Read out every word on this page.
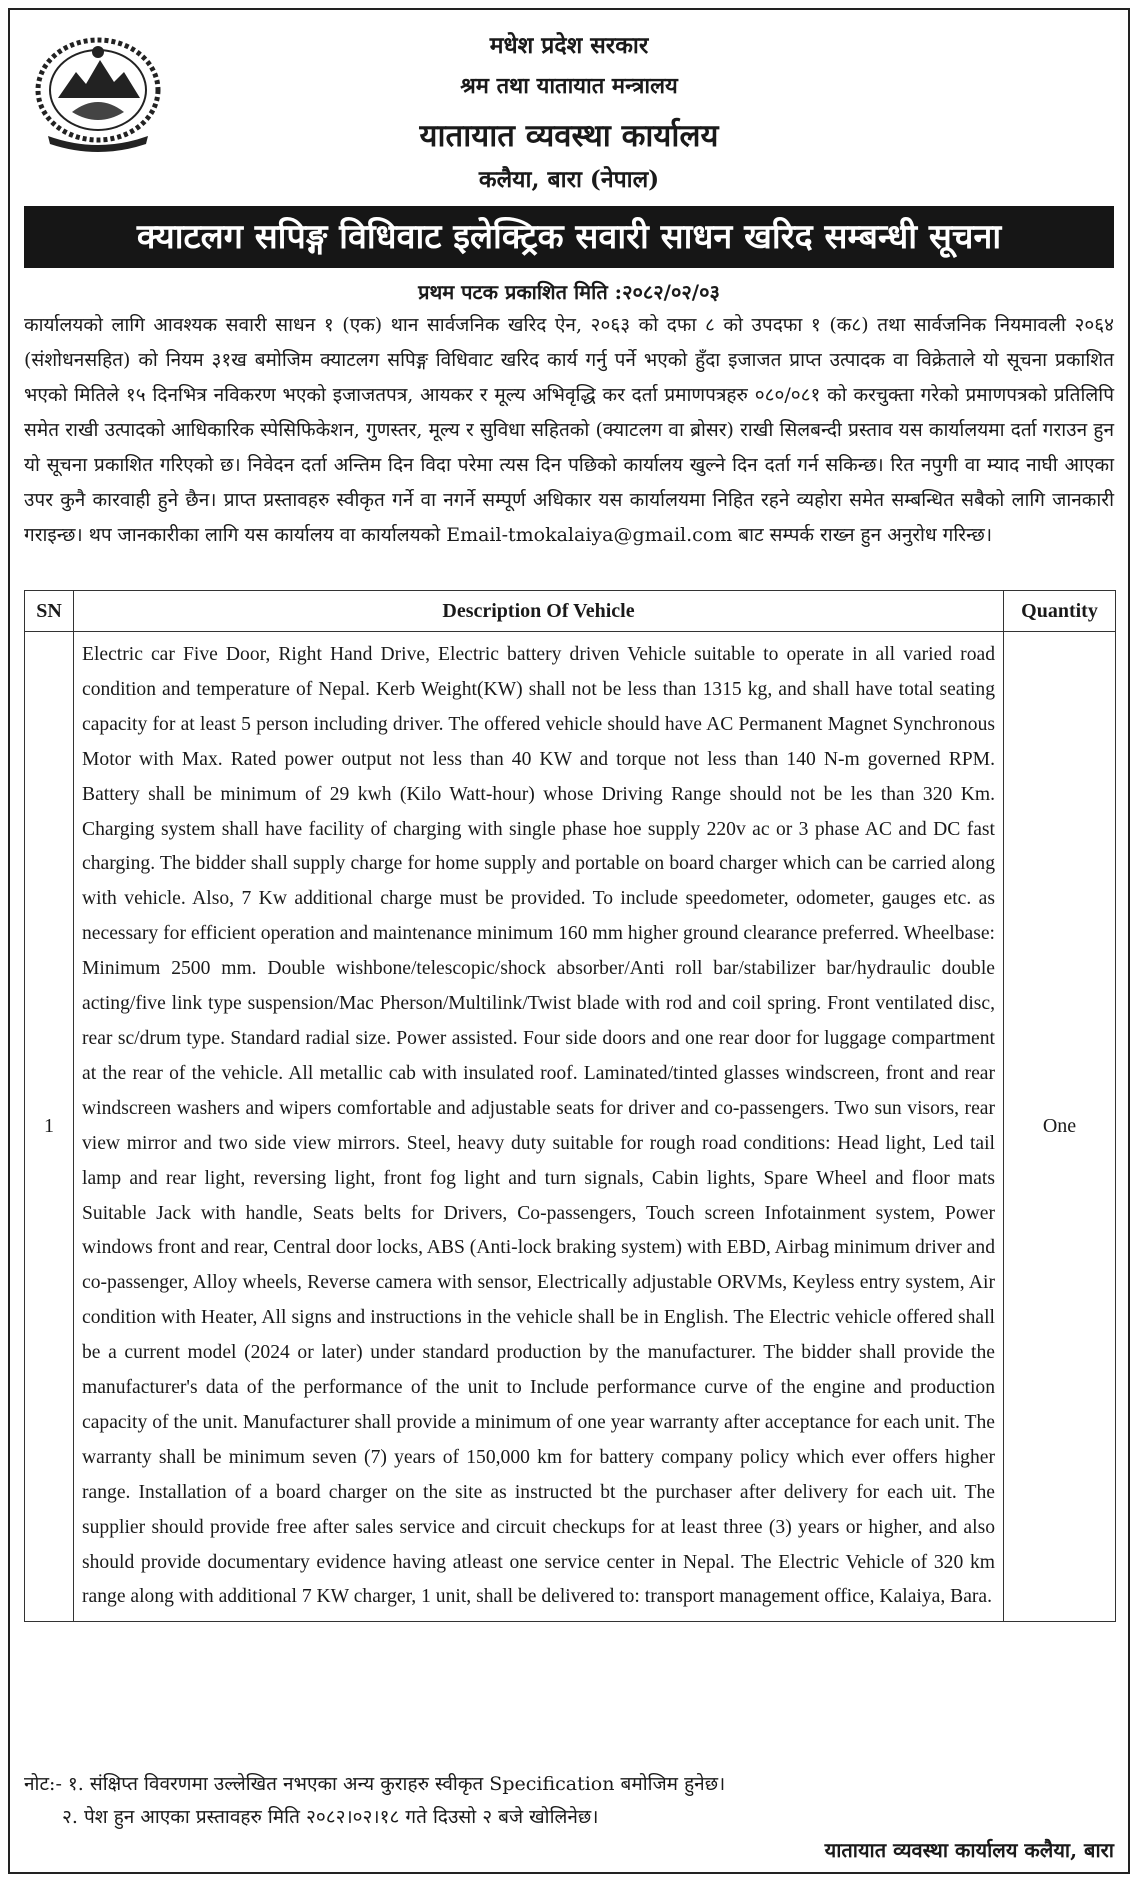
मधेश प्रदेश सरकार
श्रम तथा यातायात मन्त्रालय
यातायात व्यवस्था कार्यालय
कलैया, बारा (नेपाल)
क्याटलग सपिङ्ग विधिवाट इलेक्ट्रिक सवारी साधन खरिद सम्बन्धी सूचना
प्रथम पटक प्रकाशित मिति :२०८२/०२/०३
कार्यालयको लागि आवश्यक सवारी साधन १ (एक) थान सार्वजनिक खरिद ऐन, २०६३ को दफा ८ को उपदफा १ (क८) तथा सार्वजनिक नियमावली २०६४ (संशोधनसहित) को नियम ३१ख बमोजिम क्याटलग सपिङ्ग विधिवाट खरिद कार्य गर्नु पर्ने भएको हुँदा इजाजत प्राप्त उत्पादक वा विक्रेताले यो सूचना प्रकाशित भएको मितिले १५ दिनभित्र नविकरण भएको इजाजतपत्र, आयकर र मूल्य अभिवृद्धि कर दर्ता प्रमाणपत्रहरु ०८०/०८१ को करचुक्ता गरेको प्रमाणपत्रको प्रतिलिपि समेत राखी उत्पादको आधिकारिक स्पेसिफिकेशन, गुणस्तर, मूल्य र सुविधा सहितको (क्याटलग वा ब्रोसर) राखी सिलबन्दी प्रस्ताव यस कार्यालयमा दर्ता गराउन हुन यो सूचना प्रकाशित गरिएको छ। निवेदन दर्ता अन्तिम दिन विदा परेमा त्यस दिन पछिको कार्यालय खुल्ने दिन दर्ता गर्न सकिन्छ। रित नपुगी वा म्याद नाघी आएका उपर कुनै कारवाही हुने छैन। प्राप्त प्रस्तावहरु स्वीकृत गर्ने वा नगर्ने सम्पूर्ण अधिकार यस कार्यालयमा निहित रहने व्यहोरा समेत सम्बन्धित सबैको लागि जानकारी गराइन्छ। थप जानकारीका लागि यस कार्यालय वा कार्यालयको Email-tmokalaiya@gmail.com बाट सम्पर्क राख्न हुन अनुरोध गरिन्छ।
SN	Description Of Vehicle	Quantity
1	Electric car Five Door, Right Hand Drive, Electric battery driven Vehicle suitable to operate in all varied road condition and temperature of Nepal. Kerb Weight(KW) shall not be less than 1315 kg, and shall have total seating capacity for at least 5 person including driver. The offered vehicle should have AC Permanent Magnet Synchronous Motor with Max. Rated power output not less than 40 KW and torque not less than 140 N-m governed RPM. Battery shall be minimum of 29 kwh (Kilo Watt-hour) whose Driving Range should not be les than 320 Km. Charging system shall have facility of charging with single phase hoe supply 220v ac or 3 phase AC and DC fast charging. The bidder shall supply charge for home supply and portable on board charger which can be carried along with vehicle. Also, 7 Kw additional charge must be provided. To include speedometer, odometer, gauges etc. as necessary for efficient operation and maintenance minimum 160 mm higher ground clearance preferred. Wheelbase: Minimum 2500 mm. Double wishbone/telescopic/shock absorber/Anti roll bar/stabilizer bar/hydraulic double acting/five link type suspension/Mac Pherson/Multilink/Twist blade with rod and coil spring. Front ventilated disc, rear sc/drum type. Standard radial size. Power assisted. Four side doors and one rear door for luggage compartment at the rear of the vehicle. All metallic cab with insulated roof. Laminated/tinted glasses windscreen, front and rear windscreen washers and wipers comfortable and adjustable seats for driver and co-passengers. Two sun visors, rear view mirror and two side view mirrors. Steel, heavy duty suitable for rough road conditions: Head light, Led tail lamp and rear light, reversing light, front fog light and turn signals, Cabin lights, Spare Wheel and floor mats Suitable Jack with handle, Seats belts for Drivers, Co-passengers, Touch screen Infotainment system, Power windows front and rear, Central door locks, ABS (Anti-lock braking system) with EBD, Airbag minimum driver and co-passenger, Alloy wheels, Reverse camera with sensor, Electrically adjustable ORVMs, Keyless entry system, Air condition with Heater, All signs and instructions in the vehicle shall be in English. The Electric vehicle offered shall be a current model (2024 or later) under standard production by the manufacturer. The bidder shall provide the manufacturer's data of the performance of the unit to Include performance curve of the engine and production capacity of the unit. Manufacturer shall provide a minimum of one year warranty after acceptance for each unit. The warranty shall be minimum seven (7) years of 150,000 km for battery company policy which ever offers higher range. Installation of a board charger on the site as instructed bt the purchaser after delivery for each uit. The supplier should provide free after sales service and circuit checkups for at least three (3) years or higher, and also should provide documentary evidence having atleast one service center in Nepal. The Electric Vehicle of 320 km range along with additional 7 KW charger, 1 unit, shall be delivered to: transport management office, Kalaiya, Bara.	One
नोट:- १. संक्षिप्त विवरणमा उल्लेखित नभएका अन्य कुराहरु स्वीकृत Specification बमोजिम हुनेछ।
२. पेश हुन आएका प्रस्तावहरु मिति २०८२।०२।१८ गते दिउसो २ बजे खोलिनेछ।
यातायात व्यवस्था कार्यालय कलैया, बारा
